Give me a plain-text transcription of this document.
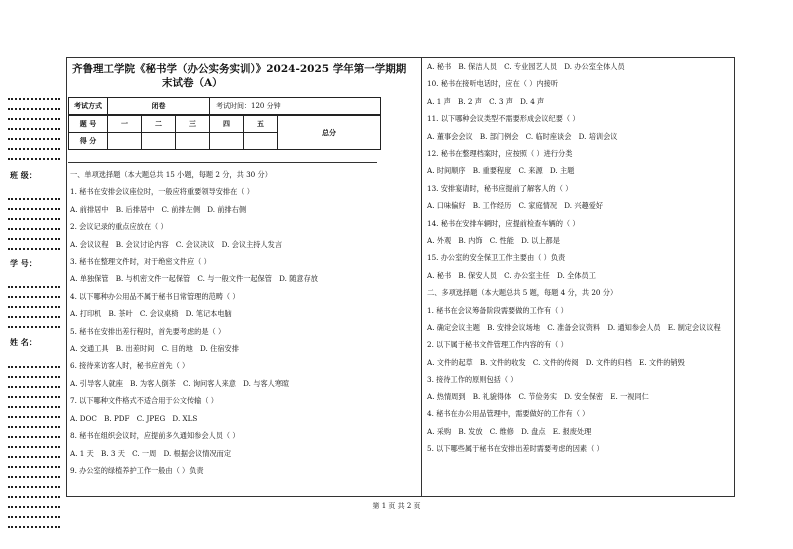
班 级：
学 号：
姓 名：
齐鲁理工学院《秘书学（办公实务实训）》2024-2025 学年第一学期期
末试卷（A）
考试方式	闭卷			考试时间：120 分钟		
题 号	一	二	三	四	五	总分
得 分						
一、单项选择题（本大题总共 15 小题，每题 2 分，共 30 分）
1. 秘书在安排会议座位时，一般应将重要领导安排在（ ）
A. 前排居中　B. 后排居中　C. 前排左侧　D. 前排右侧
2. 会议记录的重点应放在（ ）
A. 会议议程　B. 会议讨论内容　C. 会议决议　D. 会议主持人发言
3. 秘书在整理文件时，对于绝密文件应（ ）
A. 单独保管　B. 与机密文件一起保管　C. 与一般文件一起保管　D. 随意存放
4. 以下哪种办公用品不属于秘书日常管理的范畴（ ）
A. 打印机　B. 茶叶　C. 会议桌椅　D. 笔记本电脑
5. 秘书在安排出差行程时，首先要考虑的是（ ）
A. 交通工具　B. 出差时间　C. 目的地　D. 住宿安排
6. 接待来访客人时，秘书应首先（ ）
A. 引导客人就座　B. 为客人倒茶　C. 询问客人来意　D. 与客人寒暄
7. 以下哪种文件格式不适合用于公文传输（ ）
A. DOC　B. PDF　C. JPEG　D. XLS
8. 秘书在组织会议时，应提前多久通知参会人员（ ）
A. 1 天　B. 3 天　C. 一周　D. 根据会议情况而定
9. 办公室的绿植养护工作一般由（ ）负责
A. 秘书　B. 保洁人员　C. 专业园艺人员　D. 办公室全体人员
10. 秘书在接听电话时，应在（ ）内接听
A. 1 声　B. 2 声　C. 3 声　D. 4 声
11. 以下哪种会议类型不需要形成会议纪要（ ）
A. 董事会会议　B. 部门例会　C. 临时座谈会　D. 培训会议
12. 秘书在整理档案时，应按照（ ）进行分类
A. 时间顺序　B. 重要程度　C. 来源　D. 主题
13. 安排宴请时，秘书应提前了解客人的（ ）
A. 口味偏好　B. 工作经历　C. 家庭情况　D. 兴趣爱好
14. 秘书在安排车辆时，应提前检查车辆的（ ）
A. 外观　B. 内饰　C. 性能　D. 以上都是
15. 办公室的安全保卫工作主要由（ ）负责
A. 秘书　B. 保安人员　C. 办公室主任　D. 全体员工
二、多项选择题（本大题总共 5 题，每题 4 分，共 20 分）
1. 秘书在会议筹备阶段需要做的工作有（ ）
A. 确定会议主题　B. 安排会议场地　C. 准备会议资料　D. 通知参会人员　E. 制定会议议程
2. 以下属于秘书文件管理工作内容的有（ ）
A. 文件的起草　B. 文件的收发　C. 文件的传阅　D. 文件的归档　E. 文件的销毁
3. 接待工作的原则包括（ ）
A. 热情周到　B. 礼貌得体　C. 节俭务实　D. 安全保密　E. 一视同仁
4. 秘书在办公用品管理中，需要做好的工作有（ ）
A. 采购　B. 发放　C. 维修　D. 盘点　E. 报废处理
5. 以下哪些属于秘书在安排出差时需要考虑的因素（ ）
第 1 页 共 2 页
